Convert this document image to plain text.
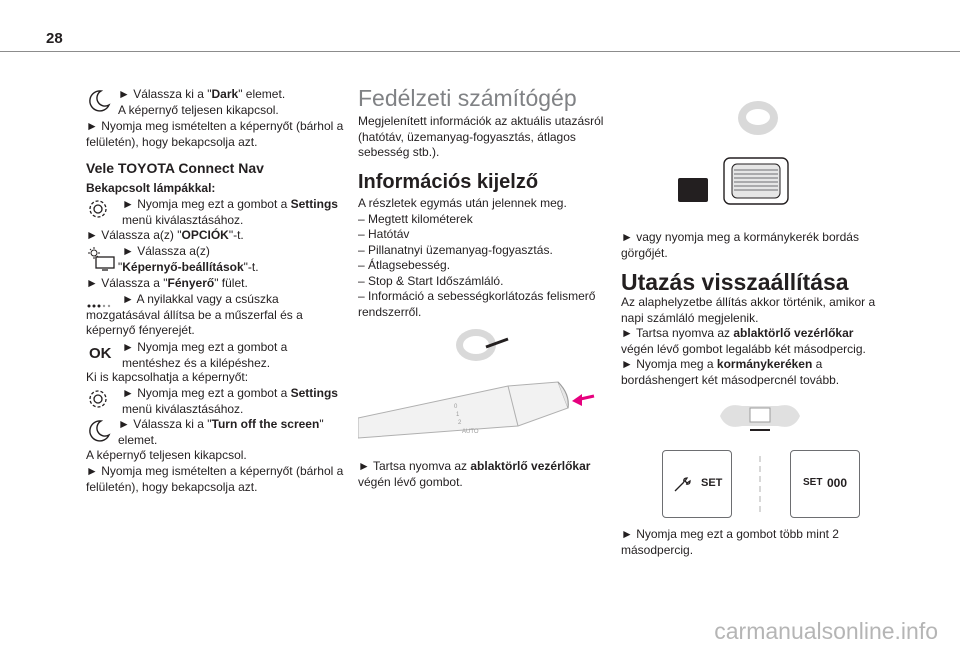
28
► Válassza ki a "Dark" elemet.
A képernyő teljesen kikapcsol.
► Nyomja meg ismételten a képernyőt (bárhol a felületén), hogy bekapcsolja azt.
Vele TOYOTA Connect Nav
Bekapcsolt lámpákkal:
► Nyomja meg ezt a gombot a Settings menü kiválasztásához.
► Válassza a(z) "OPCIÓK"-t.
► Válassza a(z)
"Képernyő-beállítások"-t.
► Válassza a "Fényerő" fület.
► A nyilakkal vagy a csúszka mozgatásával állítsa be a műszerfal és a képernyő fényerejét.
OK ► Nyomja meg ezt a gombot a mentéshez és a kilépéshez.
Ki is kapcsolhatja a képernyőt:
► Nyomja meg ezt a gombot a Settings menü kiválasztásához.
► Válassza ki a "Turn off the screen" elemet.
A képernyő teljesen kikapcsol.
► Nyomja meg ismételten a képernyőt (bárhol a felületén), hogy bekapcsolja azt.
Fedélzeti számítógép
Megjelenített információk az aktuális utazásról (hatótáv, üzemanyag-fogyasztás, átlagos sebesség stb.).
Információs kijelző

A részletek egymás után jelennek meg.

– Megtett kilométerek

– Hatótáv

– Pillanatnyi üzemanyag-fogyasztás.

– Átlagsebesség.

– Stop & Start Időszámláló.

– Információ a sebességkorlátozás felismerő rendszerről.

0
1
2
AUTO
► Tartsa nyomva az ablaktörlő vezérlőkar végén lévő gombot.
► vagy nyomja meg a kormánykerék bordás görgőjét.
Utazás visszaállítása
Az alaphelyzetbe állítás akkor történik, amikor a napi számláló megjelenik.
► Tartsa nyomva az ablaktörlő vezérlőkar végén lévő gombot legalább két másodpercig.
► Nyomja meg a kormánykeréken a bordáshengert két másodpercnél tovább.
SET	SET 000
► Nyomja meg ezt a gombot több mint 2 másodpercig.
carmanualsonline.info
